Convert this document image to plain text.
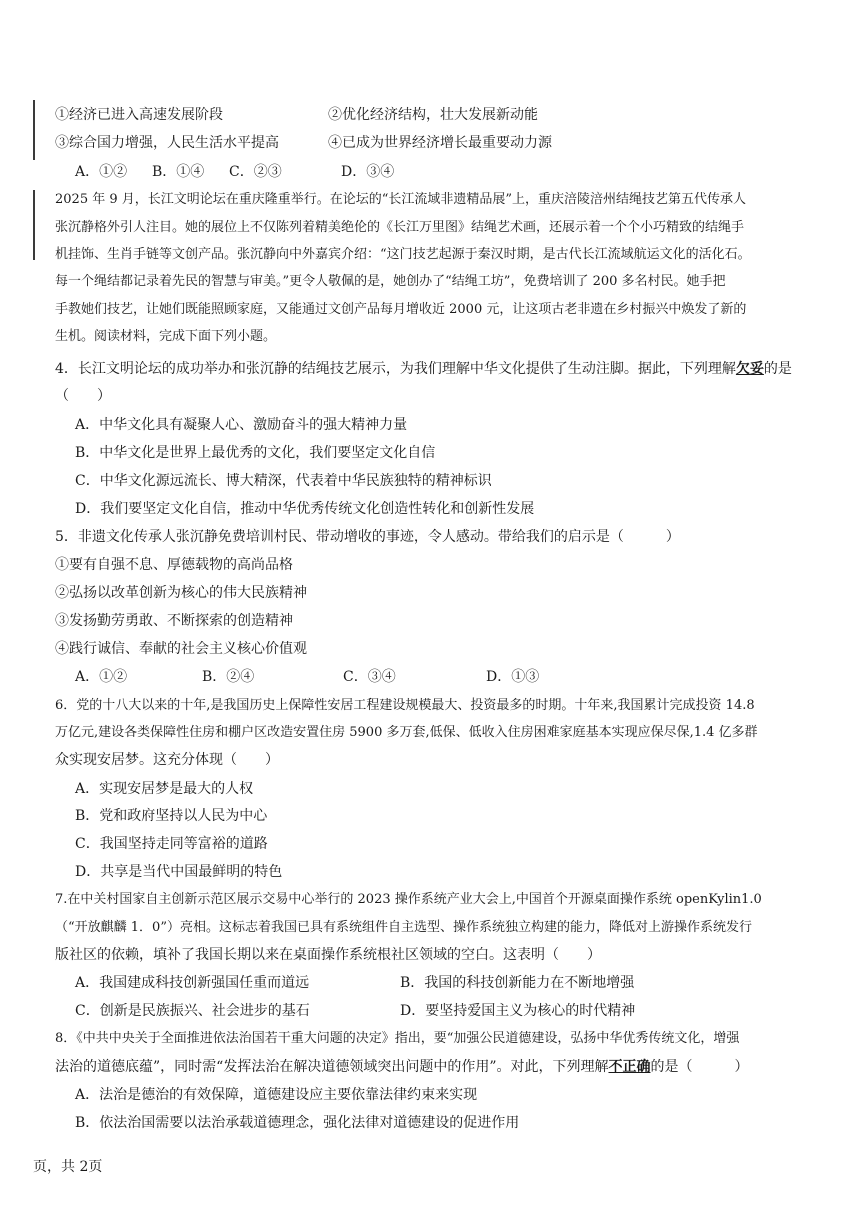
①经济已进入高速发展阶段	②优化经济结构，壮大发展新动能
③综合国力增强，人民生活水平提高	④已成为世界经济增长最重要动力源
A．①② B．①④ C．②③	D．③④
2025 年 9 月，长江文明论坛在重庆隆重举行。在论坛的“长江流域非遗精品展”上，重庆涪陵涪州结绳技艺第五代传承人
张沉静格外引人注目。她的展位上不仅陈列着精美绝伦的《长江万里图》结绳艺术画，还展示着一个个小巧精致的结绳手
机挂饰、生肖手链等文创产品。张沉静向中外嘉宾介绍：“这门技艺起源于秦汉时期，是古代长江流域航运文化的活化石。
每一个绳结都记录着先民的智慧与审美。”更令人敬佩的是，她创办了“结绳工坊”，免费培训了 200 多名村民。她手把
手教她们技艺，让她们既能照顾家庭，又能通过文创产品每月增收近 2000 元，让这项古老非遗在乡村振兴中焕发了新的
生机。阅读材料，完成下面下列小题。
4．长江文明论坛的成功举办和张沉静的结绳技艺展示，为我们理解中华文化提供了生动注脚。据此，下列理解欠妥的是
（　　）
A．中华文化具有凝聚人心、激励奋斗的强大精神力量
B．中华文化是世界上最优秀的文化，我们要坚定文化自信
C．中华文化源远流长、博大精深，代表着中华民族独特的精神标识
D．我们要坚定文化自信，推动中华优秀传统文化创造性转化和创新性发展
5．非遗文化传承人张沉静免费培训村民、带动增收的事迹，令人感动。带给我们的启示是（　　　）
①要有自强不息、厚德载物的高尚品格
②弘扬以改革创新为核心的伟大民族精神
③发扬勤劳勇敢、不断探索的创造精神
④践行诚信、奉献的社会主义核心价值观
A．①②	B．②④	C．③④	D．①③
6．党的十八大以来的十年,是我国历史上保障性安居工程建设规模最大、投资最多的时期。十年来,我国累计完成投资 14.8
万亿元,建设各类保障性住房和棚户区改造安置住房 5900 多万套,低保、低收入住房困难家庭基本实现应保尽保,1.4 亿多群
众实现安居梦。这充分体现（　　）
A．实现安居梦是最大的人权
B．党和政府坚持以人民为中心
C．我国坚持走同等富裕的道路
D．共享是当代中国最鲜明的特色
7.在中关村国家自主创新示范区展示交易中心举行的 2023 操作系统产业大会上,中国首个开源桌面操作系统 openKylin1.0
（“开放麒麟 1．0”）亮相。这标志着我国已具有系统组件自主选型、操作系统独立构建的能力，降低对上游操作系统发行
版社区的依赖，填补了我国长期以来在桌面操作系统根社区领域的空白。这表明（　　）
A．我国建成科技创新强国任重而道远	B．我国的科技创新能力在不断地增强
C．创新是民族振兴、社会进步的基石	D．要坚持爱国主义为核心的时代精神
8．《中共中央关于全面推进依法治国若干重大问题的决定》指出，要“加强公民道德建设，弘扬中华优秀传统文化，增强
法治的道德底蕴”，同时需“发挥法治在解决道德领域突出问题中的作用”。对此，下列理解不正确的是（　　　）
A．法治是德治的有效保障，道德建设应主要依靠法律约束来实现
B．依法治国需要以法治承载道德理念，强化法律对道德建设的促进作用
页，共 2页
